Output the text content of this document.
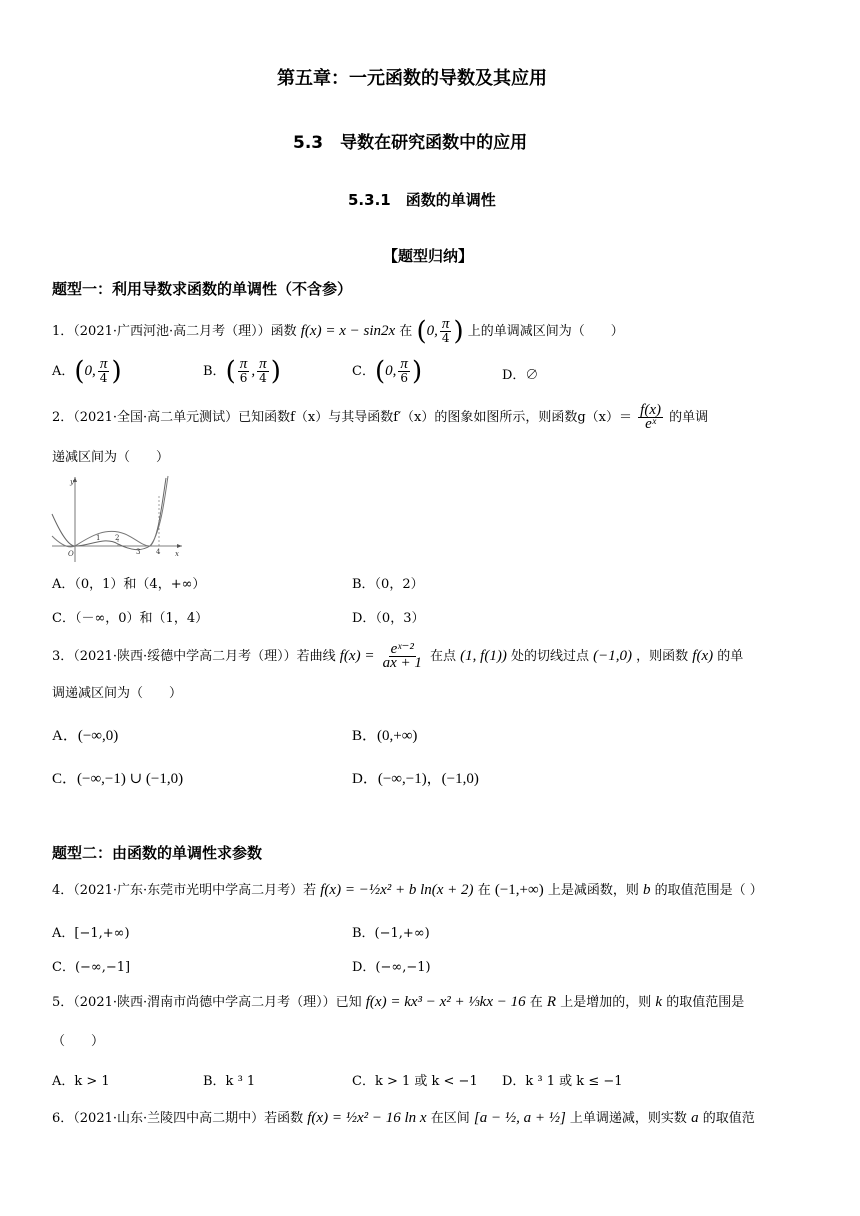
第五章：一元函数的导数及其应用
5.3　导数在研究函数中的应用
5.3.1　函数的单调性
【题型归纳】
题型一：利用导数求函数的单调性（不含参）
1．（2021·广西河池·高二月考（理））函数 f(x) = x − sin2x 在 (0, $\frac{\pi}{4}$ ) 上的单调减区间为（　　）
A．(0, $\frac{\pi}{4}$ )	B．( $\frac{\pi}{6}$ , $\frac{\pi}{4}$ )	C．(0, $\frac{\pi}{6}$ )	D．∅
2．（2021·全国·高二单元测试）已知函数f（x）与其导函数f′（x）的图象如图所示，则函数$g(x)= \frac{f(x)}{\text{eˣ}}$ 的单调
递减区间为（　　）
y
x
O
1 2
3 4
A．（0，1）和（4，+∞）	B．（0，2）
C．（－∞，0）和（1，4）	D．（0，3）
3．（2021·陕西·绥德中学高二月考（理））若曲线 $f(x) = \frac{\text{eˣ⁻²}}{ax + 1}$ 在点 (1, f(1)) 处的切线过点 (−1,0) ，则函数 f(x) 的单
调递减区间为（　　）
A．(−∞,0)	B．(0,+∞)
C．(−∞,−1) ∪ (−1,0)	D．(−∞,−1)，(−1,0)
题型二：由函数的单调性求参数
4．（2021·广东·东莞市光明中学高二月考）若 f(x) = −½x² + b ln(x + 2) 在 (−1,+∞) 上是减函数，则 b 的取值范围是（ ）
A．[−1,+∞)	B．(−1,+∞)
C．(−∞,−1]	D．(−∞,−1)
5．（2021·陕西·渭南市尚德中学高二月考（理））已知 f(x) = kx³ − x² + ⅓kx − 16 在 R 上是增加的，则 k 的取值范围是
（　　）
A．k > 1	B．k ³ 1	C．k > 1 或 k < −1 D．k ³ 1 或 k ≤ −1
6．（2021·山东·兰陵四中高二期中）若函数 f(x) = ½x² − 16 ln x 在区间 [a − ½, a + ½] 上单调递减，则实数 a 的取值范
